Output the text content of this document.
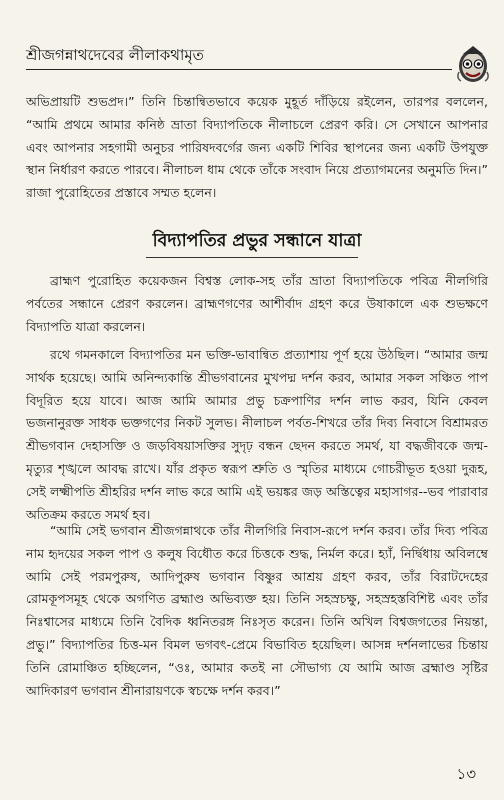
শ্রীজগন্নাথদেবের লীলাকথামৃত

অভিপ্রায়টি শুভপ্রদ।” তিনি চিন্তান্বিতভাবে কয়েক মুহূর্ত দাঁড়িয়ে রইলেন, তারপর বললেন, “আমি প্রথমে আমার কনিষ্ঠ ভ্রাতা বিদ্যাপতিকে নীলাচলে প্রেরণ করি। সে সেখানে আপনার এবং আপনার সহগামী অনুচর পারিষদবর্গের জন্য একটি শিবির স্থাপনের জন্য একটি উপযুক্ত স্থান নির্ধারণ করতে পারবে। নীলাচল ধাম থেকে তাঁকে সংবাদ নিয়ে প্রত্যাগমনের অনুমতি দিন।” রাজা পুরোহিতের প্রস্তাবে সম্মত হলেন।

বিদ্যাপতির প্রভুর সন্ধানে যাত্রা

ব্রাহ্মণ পুরোহিত কয়েকজন বিশ্বস্ত লোক-সহ তাঁর ভ্রাতা বিদ্যাপতিকে পবিত্র নীলগিরি পর্বতের সন্ধানে প্রেরণ করলেন। ব্রাহ্মণগণের আশীর্বাদ গ্রহণ করে উষাকালে এক শুভক্ষণে বিদ্যাপতি যাত্রা করলেন।

রথে গমনকালে বিদ্যাপতির মন ভক্তি-ভাবান্বিত প্রত্যাশায় পূর্ণ হয়ে উঠছিল। “আমার জন্ম সার্থক হয়েছে। আমি অনিন্দ্যকান্তি শ্রীভগবানের মুখপদ্ম দর্শন করব, আমার সকল সঞ্চিত পাপ বিদূরিত হয়ে যাবে। আজ আমি আমার প্রভু চক্রপাণির দর্শন লাভ করব, যিনি কেবল ভজনানুরক্ত সাধক ভক্তগণের নিকট সুলভ। নীলাচল পর্বত-শিখরে তাঁর দিব্য নিবাসে বিশ্রামরত শ্রীভগবান দেহাসক্তি ও জড়বিষয়াসক্তির সুদৃঢ় বন্ধন ছেদন করতে সমর্থ, যা বদ্ধজীবকে জন্ম-মৃত্যুর শৃঙ্খলে আবদ্ধ রাখে। যাঁর প্রকৃত স্বরূপ শ্রুতি ও স্মৃতির মাধ্যমে গোচরীভূত হওয়া দুরূহ, সেই লক্ষ্মীপতি শ্রীহরির দর্শন লাভ করে আমি এই ভয়ঙ্কর জড় অস্তিত্বের মহাসাগর--ভব পারাবার অতিক্রম করতে সমর্থ হব।

“আমি সেই ভগবান শ্রীজগন্নাথকে তাঁর নীলগিরি নিবাস-রূপে দর্শন করব। তাঁর দিব্য পবিত্র নাম হৃদয়ের সকল পাপ ও কলুষ বিধৌত করে চিত্তকে শুদ্ধ, নির্মল করে। হ্যাঁ, নির্দ্বিধায় অবিলম্বে আমি সেই পরমপুরুষ, আদিপুরুষ ভগবান বিষ্ণুর আশ্রয় গ্রহণ করব, তাঁর বিরাটদেহের রোমকূপসমূহ থেকে অগণিত ব্রহ্মাণ্ড অভিব্যক্ত হয়। তিনি সহস্রচক্ষু, সহস্রহস্তবিশিষ্ট এবং তাঁর নিঃশ্বাসের মাধ্যমে তিনি বৈদিক ধ্বনিতরঙ্গ নিঃসৃত করেন। তিনি অখিল বিশ্বজগতের নিয়ন্তা, প্রভু।” বিদ্যাপতির চিত্ত-মন বিমল ভগবৎ-প্রেমে বিভাবিত হয়েছিল। আসন্ন দর্শনলাভের চিন্তায় তিনি রোমাঞ্চিত হচ্ছিলেন, “ওঃ, আমার কতই না সৌভাগ্য যে আমি আজ ব্রহ্মাণ্ড সৃষ্টির আদিকারণ ভগবান শ্রীনারায়ণকে স্বচক্ষে দর্শন করব।”

১৩
